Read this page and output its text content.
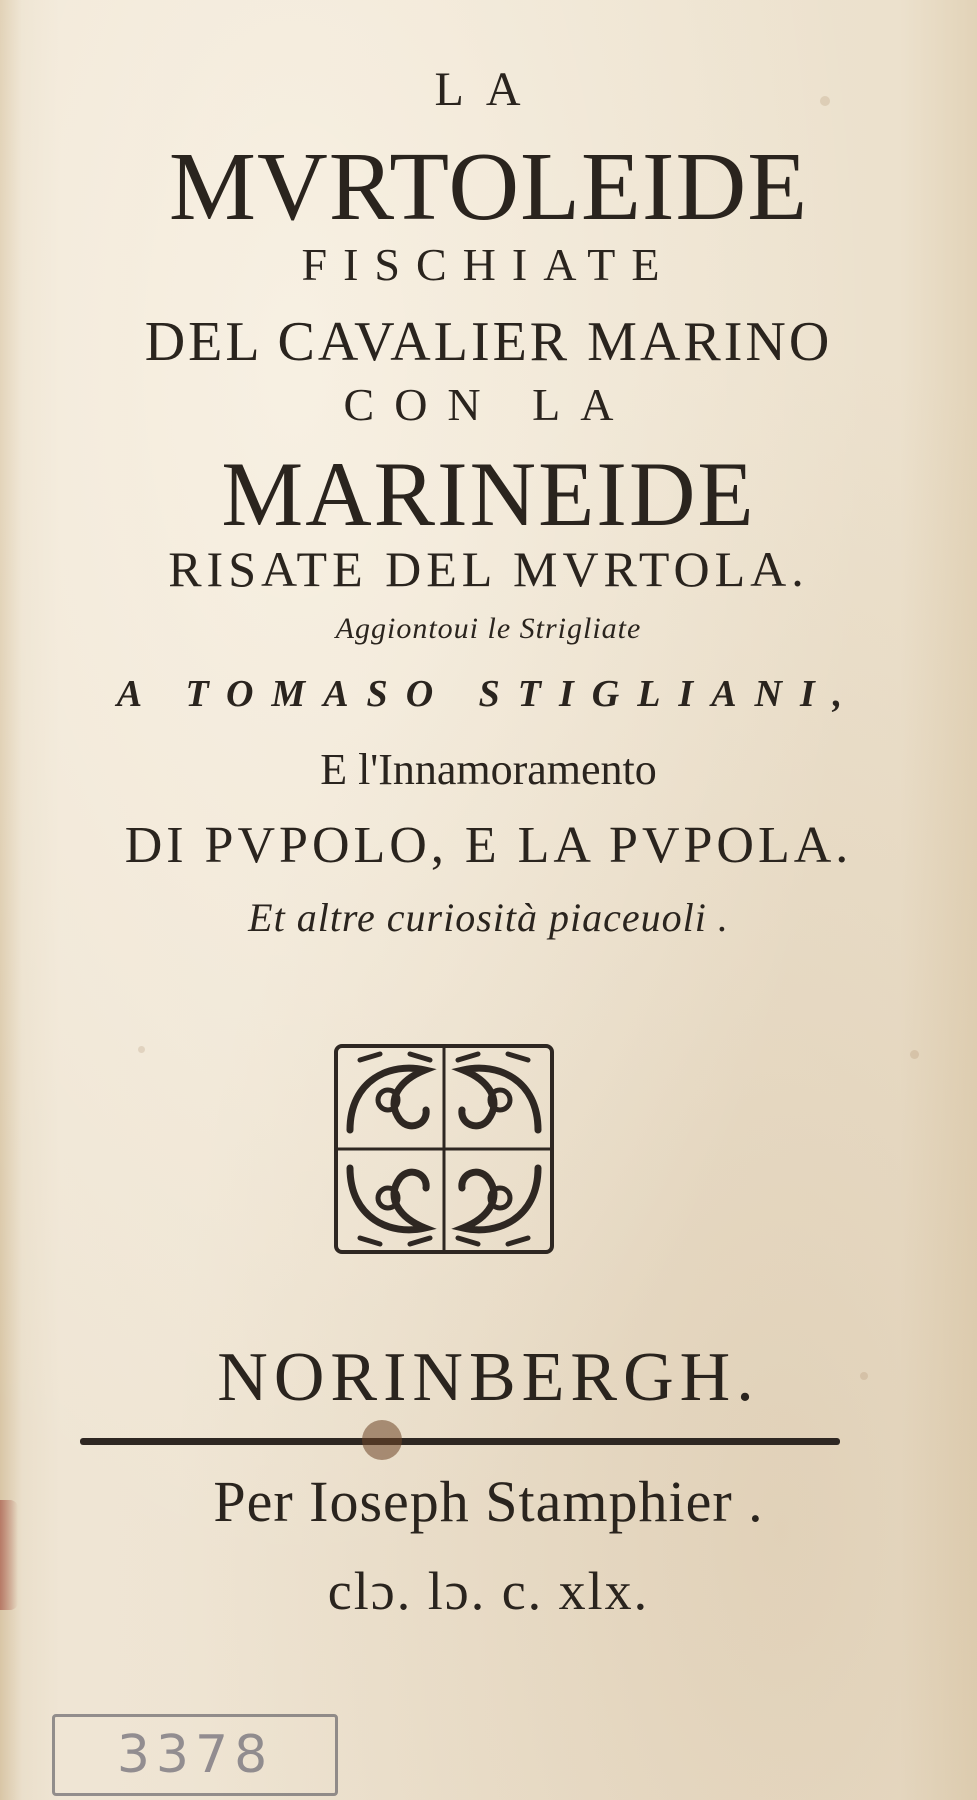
LA
MVRTOLEIDE
FISCHIATE
DEL CAVALIER MARINO
CON LA
MARINEIDE
RISATE DEL MVRTOLA.
Aggiontoui le Strigliate
A TOMASO STIGLIANI,
E l'Innamoramento
DI PVPOLO, E LA PVPOLA.
Et altre curiosità piaceuoli .
NORINBERGH.
Per Ioseph Stamphier .
clɔ. lɔ. c. xlx.
3378
